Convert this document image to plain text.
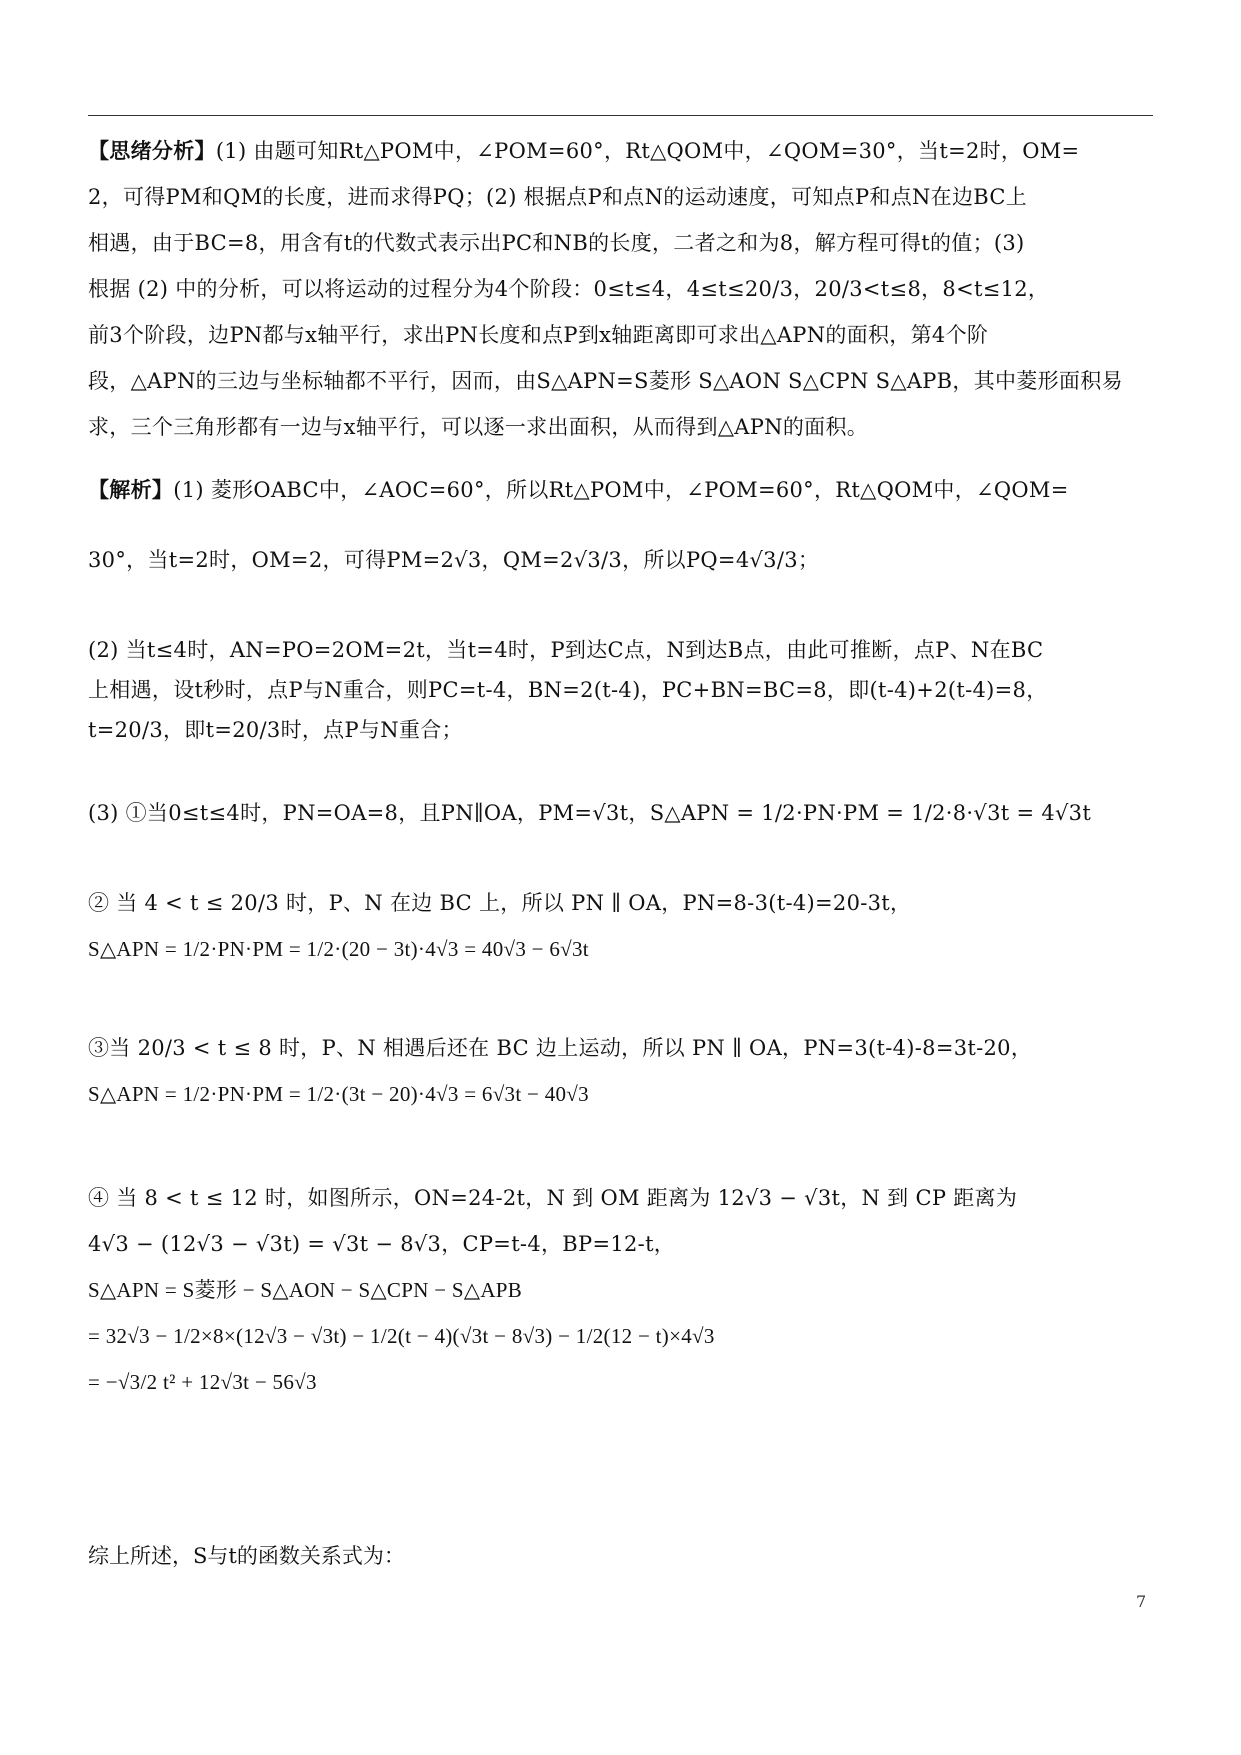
【思绪分析】(1) 由题可知Rt△POM中，∠POM=60°，Rt△QOM中，∠QOM=30°，当t=2时，OM=
2，可得PM和QM的长度，进而求得PQ；(2) 根据点P和点N的运动速度，可知点P和点N在边BC上
相遇，由于BC=8，用含有t的代数式表示出PC和NB的长度，二者之和为8，解方程可得t的值；(3)
根据 (2) 中的分析，可以将运动的过程分为4个阶段：0≤t≤4，4≤t≤20/3，20/3<t≤8，8<t≤12，
前3个阶段，边PN都与x轴平行，求出PN长度和点P到x轴距离即可求出△APN的面积，第4个阶
段，△APN的三边与坐标轴都不平行，因而，由S△APN=S菱形 S△AON S△CPN S△APB，其中菱形面积易
求，三个三角形都有一边与x轴平行，可以逐一求出面积，从而得到△APN的面积。
【解析】(1) 菱形OABC中，∠AOC=60°，所以Rt△POM中，∠POM=60°，Rt△QOM中，∠QOM=
30°，当t=2时，OM=2，可得PM=2√3，QM=2√3/3，所以PQ=4√3/3；
(2) 当t≤4时，AN=PO=2OM=2t，当t=4时，P到达C点，N到达B点，由此可推断，点P、N在BC
上相遇，设t秒时，点P与N重合，则PC=t-4，BN=2(t-4)，PC+BN=BC=8，即(t-4)+2(t-4)=8，
t=20/3，即t=20/3时，点P与N重合；
(3) ①当0≤t≤4时，PN=OA=8，且PN∥OA，PM=√3t，S△APN = 1/2·PN·PM = 1/2·8·√3t = 4√3t
② 当 4 < t ≤ 20/3 时，P、N 在边 BC 上，所以 PN ∥ OA，PN=8-3(t-4)=20-3t，
S△APN = 1/2·PN·PM = 1/2·(20 − 3t)·4√3 = 40√3 − 6√3t
③当 20/3 < t ≤ 8 时，P、N 相遇后还在 BC 边上运动，所以 PN ∥ OA，PN=3(t-4)-8=3t-20，
S△APN = 1/2·PN·PM = 1/2·(3t − 20)·4√3 = 6√3t − 40√3
④ 当 8 < t ≤ 12 时，如图所示，ON=24-2t，N 到 OM 距离为 12√3 − √3t，N 到 CP 距离为
4√3 − (12√3 − √3t) = √3t − 8√3，CP=t-4，BP=12-t，
S△APN = S菱形 − S△AON − S△CPN − S△APB
= 32√3 − 1/2×8×(12√3 − √3t) − 1/2(t − 4)(√3t − 8√3) − 1/2(12 − t)×4√3
= −√3/2 t² + 12√3t − 56√3
综上所述，S与t的函数关系式为：
7
